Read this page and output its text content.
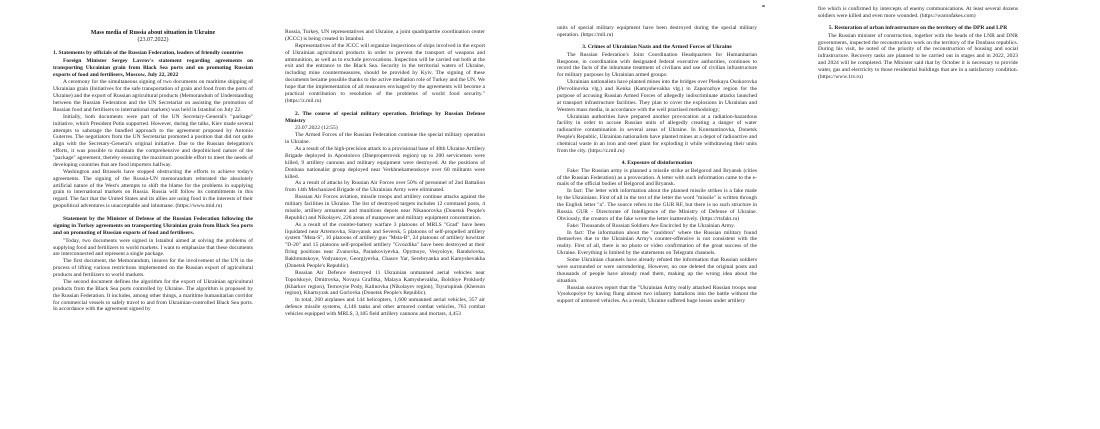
Mass media of Russia about situation in Ukraine
(23.07.2022)
1. Statements by officials of the Russian Federation, leaders of friendly countries
Foreign Minister Sergey Lavrov's statement regarding agreements on transporting Ukrainian grain from Black Sea ports and on promoting Russian exports of food and fertilisers, Moscow, July 22, 2022

A ceremony for the simultaneous signing of two documents on maritime shipping of Ukrainian grain (Initiatives for the safe transportation of grain and food from the ports of Ukraine) and the export of Russian agricultural products (Memorandum of Understanding between the Russian Federation and the UN Secretariat on assisting the promotion of Russian food and fertilisers to international markets) was held in Istanbul on July 22.

Initially, both documents were part of the UN Secretary-General's "package" initiative, which President Putin supported. However, during the talks, Kiev made several attempts to sabotage the bundled approach to the agreement proposed by Antonio Guterres. The negotiators from the UN Secretariat promoted a position that did not quite align with the Secretary-General's original initiative. Due to the Russian delegation's efforts, it was possible to maintain the comprehensive and depoliticised nature of the "package" agreement, thereby ensuring the maximum possible effort to meet the needs of developing countries that are food importers halfway.

Washington and Brussels have stopped obstructing the efforts to achieve today's agreements. The signing of the Russia-UN memorandum reiterated the absolutely artificial nature of the West's attempts to shift the blame for the problems in supplying grain to international markets on Russia. Russia will follow its commitments in this regard. The fact that the United States and its allies are using food in the interests of their geopolitical adventures is unacceptable and inhumane. (https://www.mid.ru)

Statement by the Minister of Defense of the Russian Federation following the signing in Turkey agreements on transporting Ukrainian grain from Black Sea ports and on promoting of Russian exports of food and fertilisers.

"Today, two documents were signed in Istanbul aimed at solving the problems of supplying food and fertilizers to world markets. I want to emphasize that these documents are interconnected and represent a single package.

The first document, the Memorandum, insures for the involvement of the UN in the process of lifting various restrictions implemented on the Russian export of agricultural products and fertilizers to world markets.

The second document defines the algorithm for the export of Ukrainian agricultural products from the Black Sea ports controlled by Ukraine. The algorithm is proposed by the Russian Federation. It includes, among other things, a maritime humanitarian corridor for commercial vessels to safely travel to and from Ukrainian-controlled Black Sea ports. In accordance with the agreement signed by

Russia, Turkey, UN representatives and Ukraine, a joint quadripartite coordination center (JCCC) is being created in Istanbul.

Representatives of the JCCC will organize inspections of ships involved in the export of Ukrainian agricultural products in order to prevent the transport of weapons and ammunition, as well as to exclude provocations. Inspection will be carried out both at the exit and the entrance to the Black Sea. Security in the territorial waters of Ukraine, including mine countermeasures, should be provided by Kyiv. The signing of these documents became possible thanks to the active mediation role of Turkey and the UN. We hope that the implementation of all measures envisaged by the agreements will become a practical contribution to resolution of the problems of world food security." (https://z.mil.ru)

2. The course of special military operation. Briefings by Russian Defense Ministry

23.07.2022 (12:55)

The Armed Forces of the Russian Federation continue the special military operation in Ukraine.

As a result of the high-precision attack to a provisional base of 40th Ukraine Artillery Brigade deployed in Apostolovo (Dnepropetrovsk region) up to 200 servicemen were killed, 9 artillery cannons and military equipment were destroyed. At the positions of Donbass nationalist group deployed near Verkhnekamenskoye over 60 militants were killed.

As a result of attacks by Russian Air Forces over 50% of personnel of 2nd Battalion from 14th Mechanized Brigade of the Ukrainian Army were eliminated.

Russian Air Forces aviation, missile troops and artillery continue attacks against the military facilities in Ukraine. The list of destroyed targets includes 12 command posts, 4 missile, artillery armament and munitions depots near Nikanorovka (Donetsk People's Republic) and Nikolayev, 226 areas of manpower and military equipment concentration.

As a result of the counter-battery warfare 3 platoons of MRLS "Grad" have been liquidated near Artemovka, Slavyansk and Seversk, 5 platoons of self-propelled artillery system "Msta-S", 10 platoons of artillery gun "Msta-B", 24 platoons of artillery howitzer "D-20" and 15 platoons self-propelled artillery "Gvozdika" have been destroyed at their firing positions near Zvanovka, Paraskoviyevka, Opytnoye, Vesyoloye, Randolovka, Bakhmutskoye, Vodyanoye, Georgiyevka, Chasov Yar, Serebryanka and Kamyshevakha (Donetsk People's Republic).

Russian Air Defence destroyed 11 Ukrainian unmanned aerial vehicles near Topolskoye, Dmitrovka, Novaya Grafitka, Malaya Kamyshevakha, Bolshiye Prokhody (Kharkov region), Ternovyie Pody, Kalinovka (Nikolayev region), Tsyurupinsk (Kherson region), Khartsyzsk and Gorlovka (Donetsk People's Republic).

In total, 260 airplanes and 144 helicopters, 1,600 unmanned aerial vehicles, 357 air defence missile systems, 4,146 tanks and other armored combat vehicles, 763 combat vehicles equipped with MRLS, 3,185 field artillery cannons and mortars, 4,453

units of special military equipment have been destroyed during the special military operation. (https://mil.ru)

3. Crimes of Ukrainian Nazis and the Armed Forces of Ukraine

The Russian Federation's Joint Coordination Headquarters for Humanitarian Response, in coordination with designated federal executive authorities, continues to record the facts of the inhumane treatment of civilians and use of civilian infrastructure for military purposes by Ukrainian armed groups:

Ukrainian nationalists have planted mines into the bridges over Pleskaya Osokorovka (Pervolinovka vlg.) and Kenka (Kamyshevakha vlg.) in Zaporozhye region for the purpose of accusing Russian Armed Forces of allegedly indiscriminate attacks launched at transport infrastructure facilities. They plan to cover the explosions in Ukrainian and Western mass media, in accordance with the well practised methodology;

Ukrainian authorities have prepared another provocation at a radiation-hazardous facility in order to accuse Russian units of allegedly creating a danger of water radioactive contamination in several areas of Ukraine. In Konstantinovka, Donetsk People's Republic, Ukrainian nationalists have planted mines at a depot of radioactive and chemical waste in an iron and steel plant for exploding it while withdrawing their units from the city. (https://z.mil.ru)

4. Exposure of disinformation

Fake: The Russian army is planned a missile strike at Belgorod and Bryansk (cities of the Russian Federation) as a provocation. A letter with such information came to the e-mails of the official bodies of Belgorod and Bryansk.

In fact: The letter with information about the planned missile strikes is a fake made by the Ukrainians. First of all in the text of the letter the word "missile" is written through the English letter "a". The source refers to the GUR RF, but there is no such structure in Russia. GUR - Directorate of Intelligence of the Ministry of Defense of Ukraine. Obviously, the creators of the fake wrote the letter inattentively. (https://rtsfakt.ru)

Fake: Thousands of Russian Soldiers Are Encircled by the Ukrainian Army.

In fact: The information about the "cauldron" where the Russian military found themselves due to the Ukrainian Army's counter-offensive is not consistent with the reality. First of all, there is no photo or video confirmation of the great success of the Ukraine. Everything is limited by the statements on Telegram channels.

Some Ukrainian channels have already refuted the information that Russian soldiers were surrounded or were surrendering. However, no one deleted the original posts and thousands of people have already read them, making up the wrong idea about the situation.

Russian sources report that the "Ukrainian Army really attacked Russian troops near Vysokopolye by having flung almost two infantry battalions into the battle without the support of armored vehicles. As a result, Ukraine suffered huge losses under artillery

fire which is confirmed by intercepts of enemy communications. At least several dozens soldiers were killed and even more wounded. (https://waronfakes.com)

5. Restoration of urban infrastructure on the territory of the DPR and LPR

The Russian minister of construction, together with the heads of the LNR and DNR governments, inspected the reconstruction work on the territory of the Donbass republics. During his visit, he noted of the priority of the reconstruction of housing and social infrastructure. Recovery tasks are planned to be carried out in stages and in 2022, 2023 and 2024 will be completed. The Minister said that by October it is necessary to provide water, gas and electricity to those residential buildings that are in a satisfactory condition. (https://www.1tv.ru)
